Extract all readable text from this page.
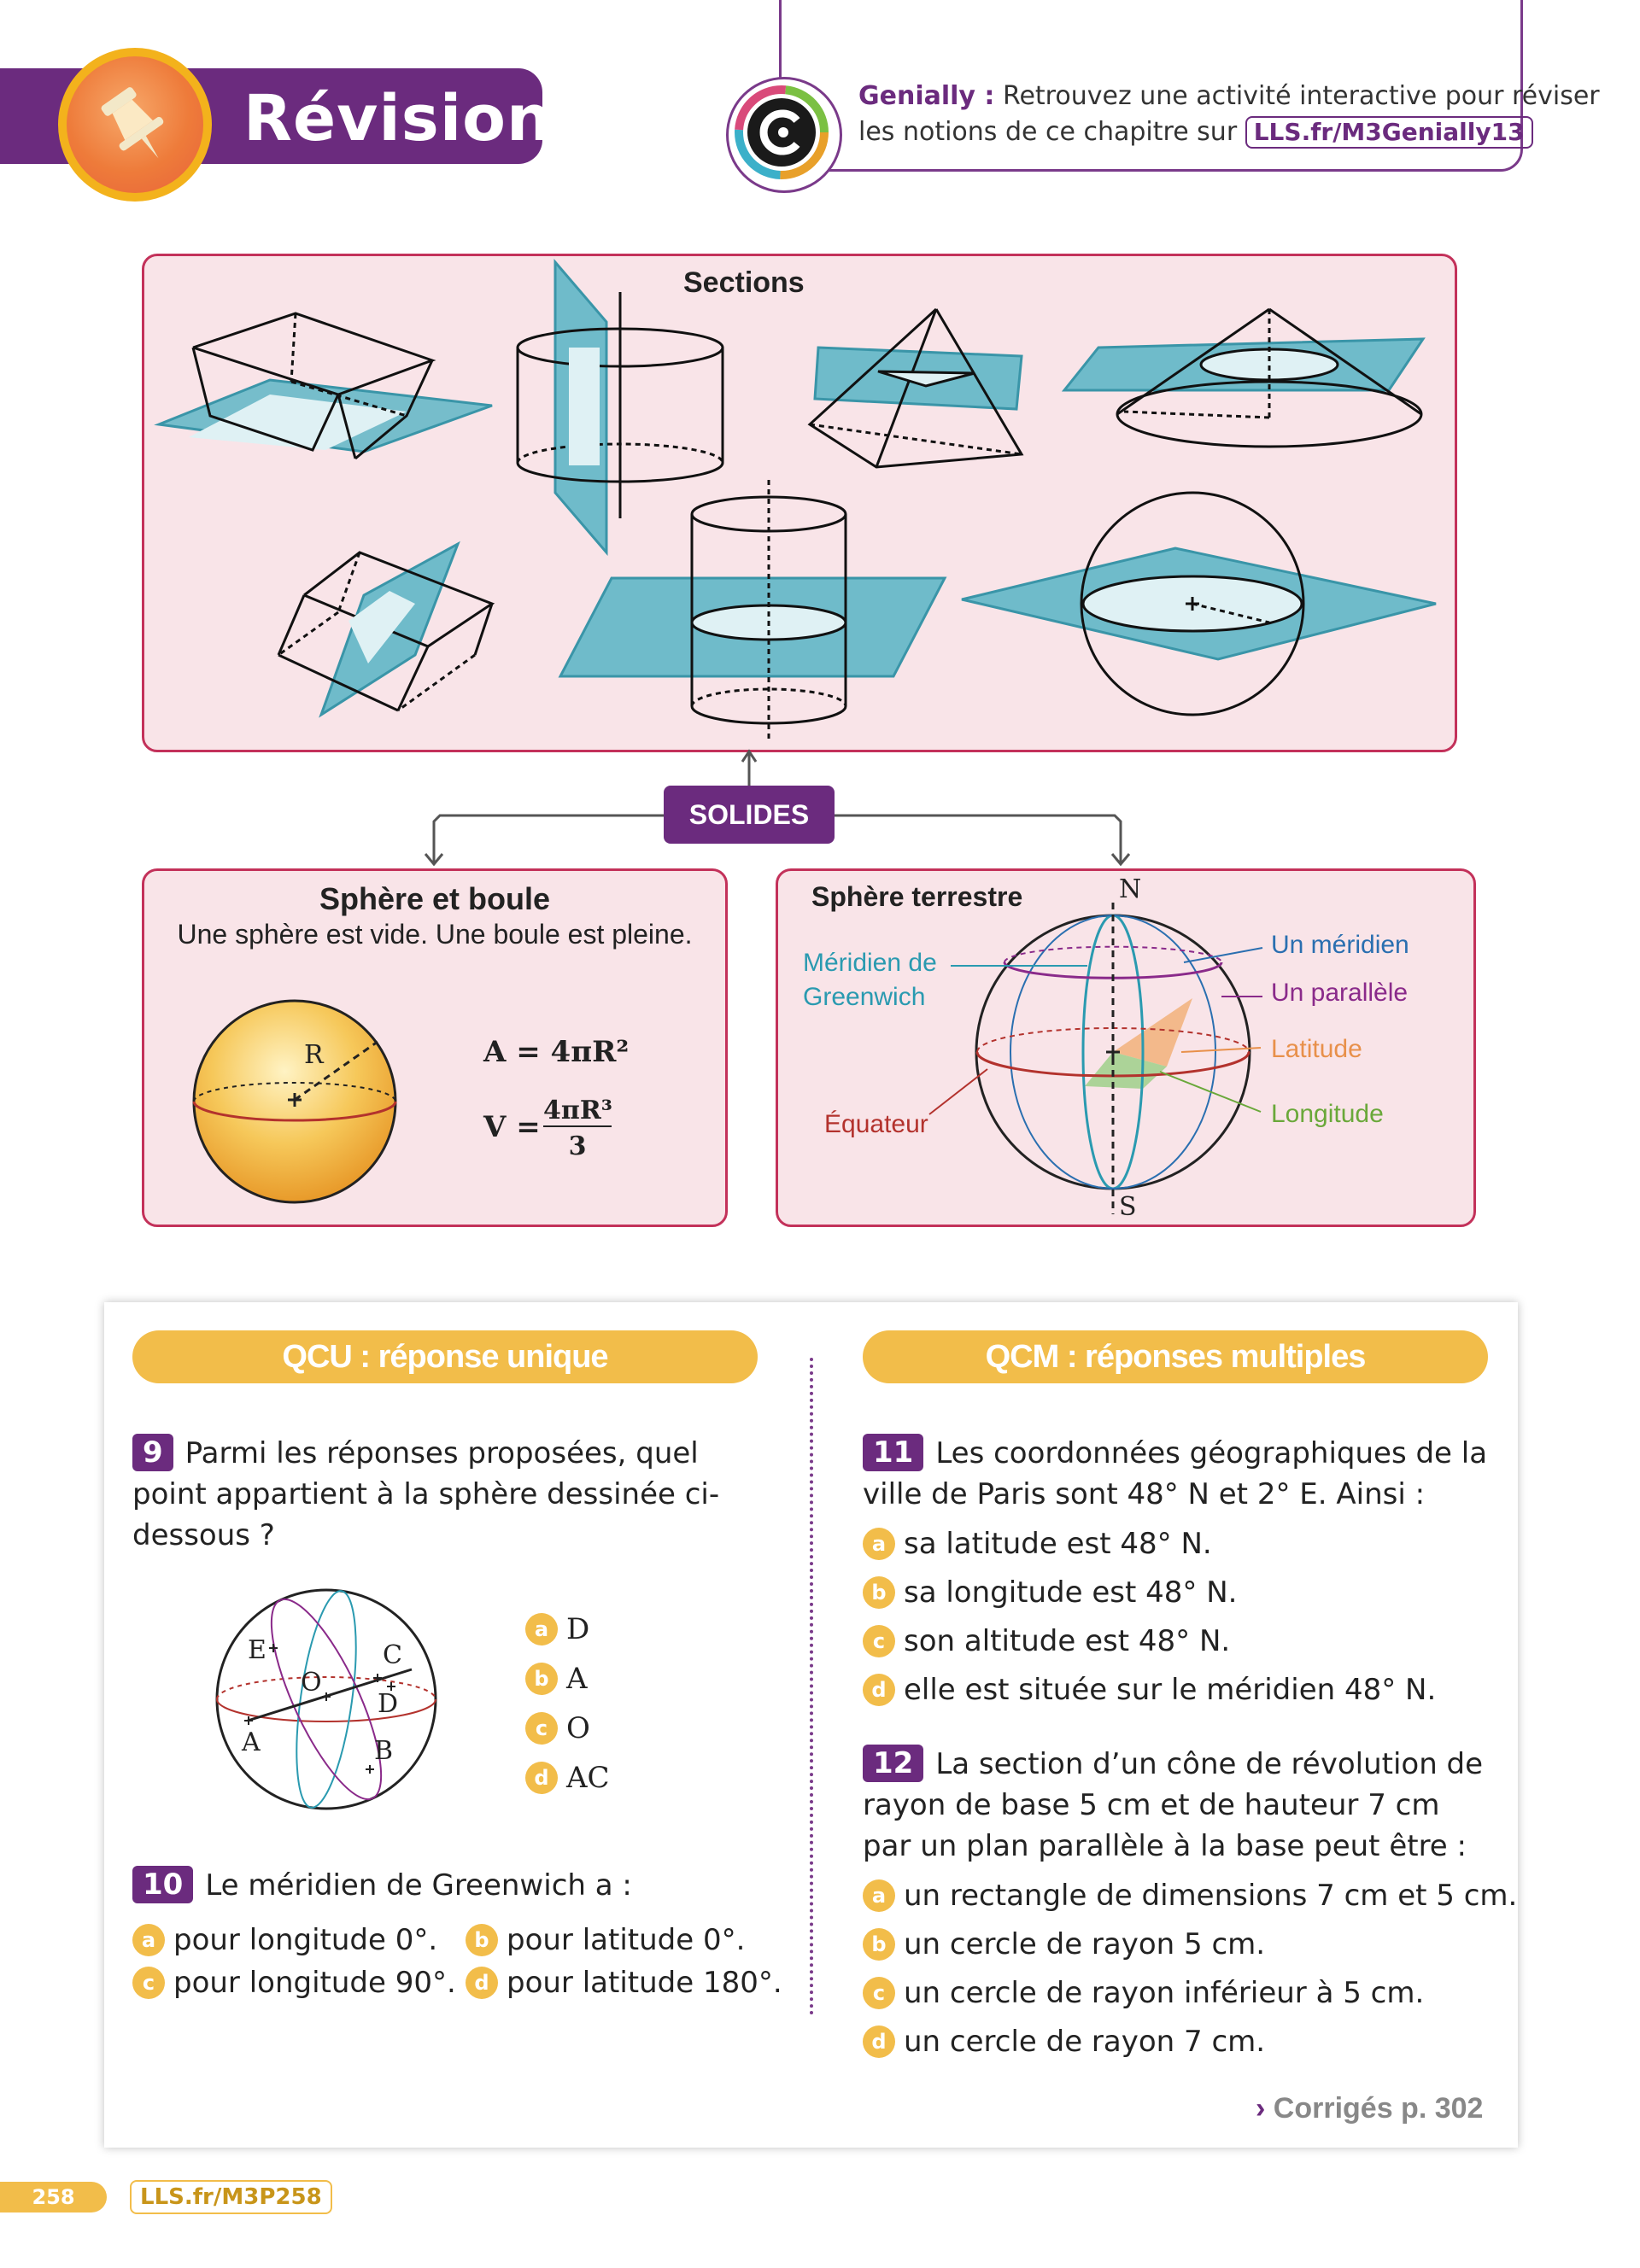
Révision	Genially : Retrouvez une activité interactive pour réviser
les notions de ce chapitre sur LLS.fr/M3Genially13
Sections
SOLIDES
Sphère et boule
Une sphère est vide. Une boule est pleine.
R	A = 4πR²
V = 4πR³
3
Sphère terrestre	N
S
Méridien de
Greenwich
Équateur
Un méridien
Un parallèle
Latitude
Longitude
QCU : réponse unique	QCM : réponses multiples
9 Parmi les réponses proposées, quel point appartient à la sphère dessinée ci-dessous ?
E	C
O
D
A	B
a D
b A
c O
d AC
10 Le méridien de Greenwich a :
a pour longitude 0°.	b pour latitude 0°.
c pour longitude 90°. d pour latitude 180°.
11 Les coordonnées géographiques de la ville de Paris sont 48° N et 2° E. Ainsi :
a sa latitude est 48° N.
b sa longitude est 48° N.
c son altitude est 48° N.
d elle est située sur le méridien 48° N.
12 La section d’un cône de révolution de rayon de base 5 cm et de hauteur 7 cm par un plan parallèle à la base peut être :
a un rectangle de dimensions 7 cm et 5 cm.
b un cercle de rayon 5 cm.
c un cercle de rayon inférieur à 5 cm.
d un cercle de rayon 7 cm.
› Corrigés p. 302
258	LLS.fr/M3P258
